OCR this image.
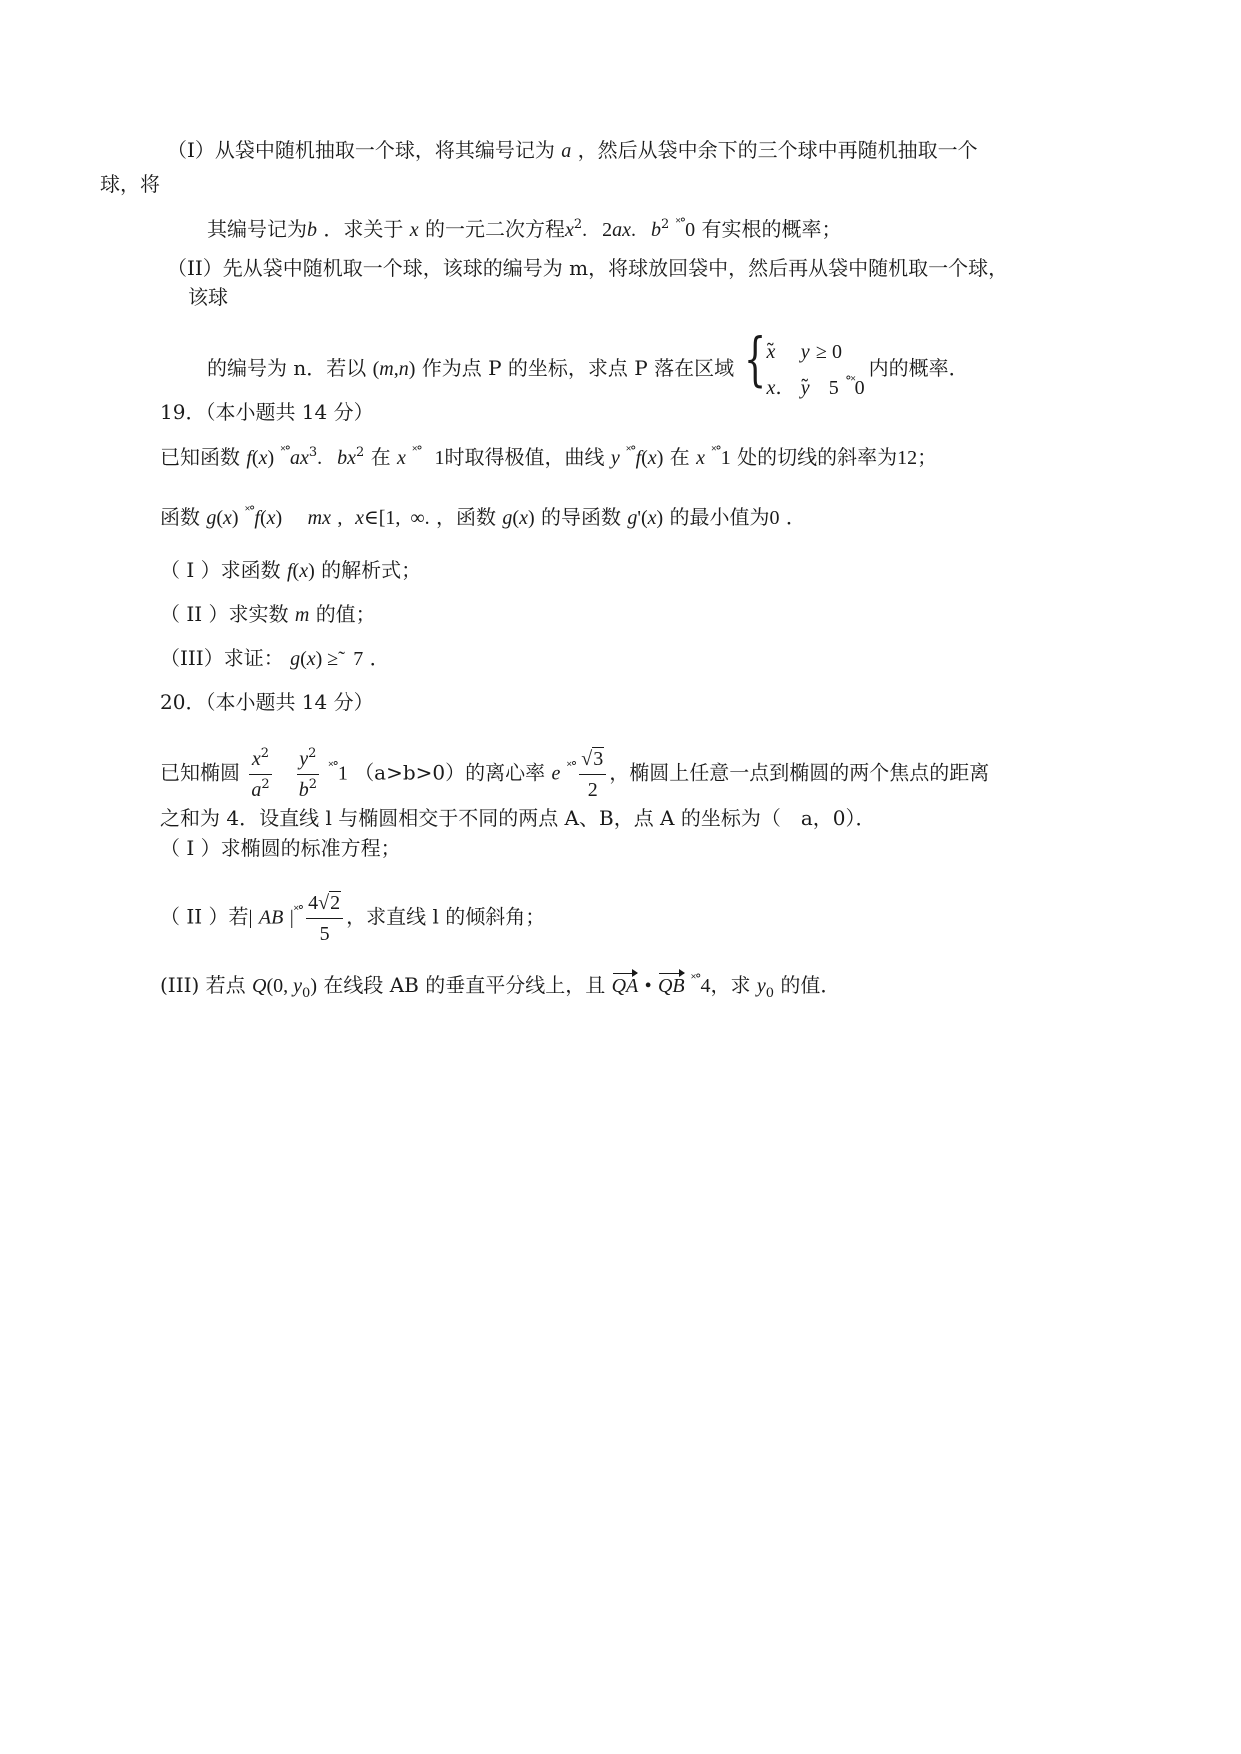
（I）从袋中随机抽取一个球，将其编号记为 a ，然后从袋中余下的三个球中再随机抽取一个
球，将
其编号记为b ．求关于 x 的一元二次方程$x^2$.   2ax.   $b^2$ ˟°0 有实根的概率；
（II）先从袋中随机取一个球，该球的编号为 m，将球放回袋中，然后再从袋中随机取一个球，
该球
的编号为 n．若以 (m,n) 作为点 P 的坐标，求点 P 落在区域 { x̃    y ≥ 0
x.   ỹ   5 °˟0
内的概率．
19．（本小题共 14 分）
已知函数 f(x) $^{˟^\circ}ax^3$.   $bx^2$ 在 x ˟° 1时取得极值，曲线 y ˟°f(x) 在 x ˟°1 处的切线的斜率为12；
函数 g(x) ˟°f(x) mx , x∈[1,  ∞. ，函数 g(x) 的导函数 g'(x) 的最小值为0 ．
（ I ）求函数 f(x) 的解析式；
（ II ）求实数 m 的值；
（III）求证： g(x) ≥̃   7 ．
20．（本小题共 14 分）
已知椭圆 $\frac{x^2}{a^2}$
$\frac{y^2}{b^2} ^{˟^\circ}1$ （a>b>0）的离心率 e $^{˟^\circ} \frac{√3}{2}$ ，椭圆上任意一点到椭圆的两个焦点的距离
之和为 4．设直线 l 与椭圆相交于不同的两点 A、B，点 A 的坐标为（　a，0）．
（ I ）求椭圆的标准方程；
（ II ）若| AB $|^{˟^\circ} \frac{4√2}{5}$ ，求直线 l 的倾斜角；
(III) 若点 Q(0, $y_0$) 在线段 AB 的垂直平分线上，且 QA • QB ˟°4，求 $y_0$ 的值．
